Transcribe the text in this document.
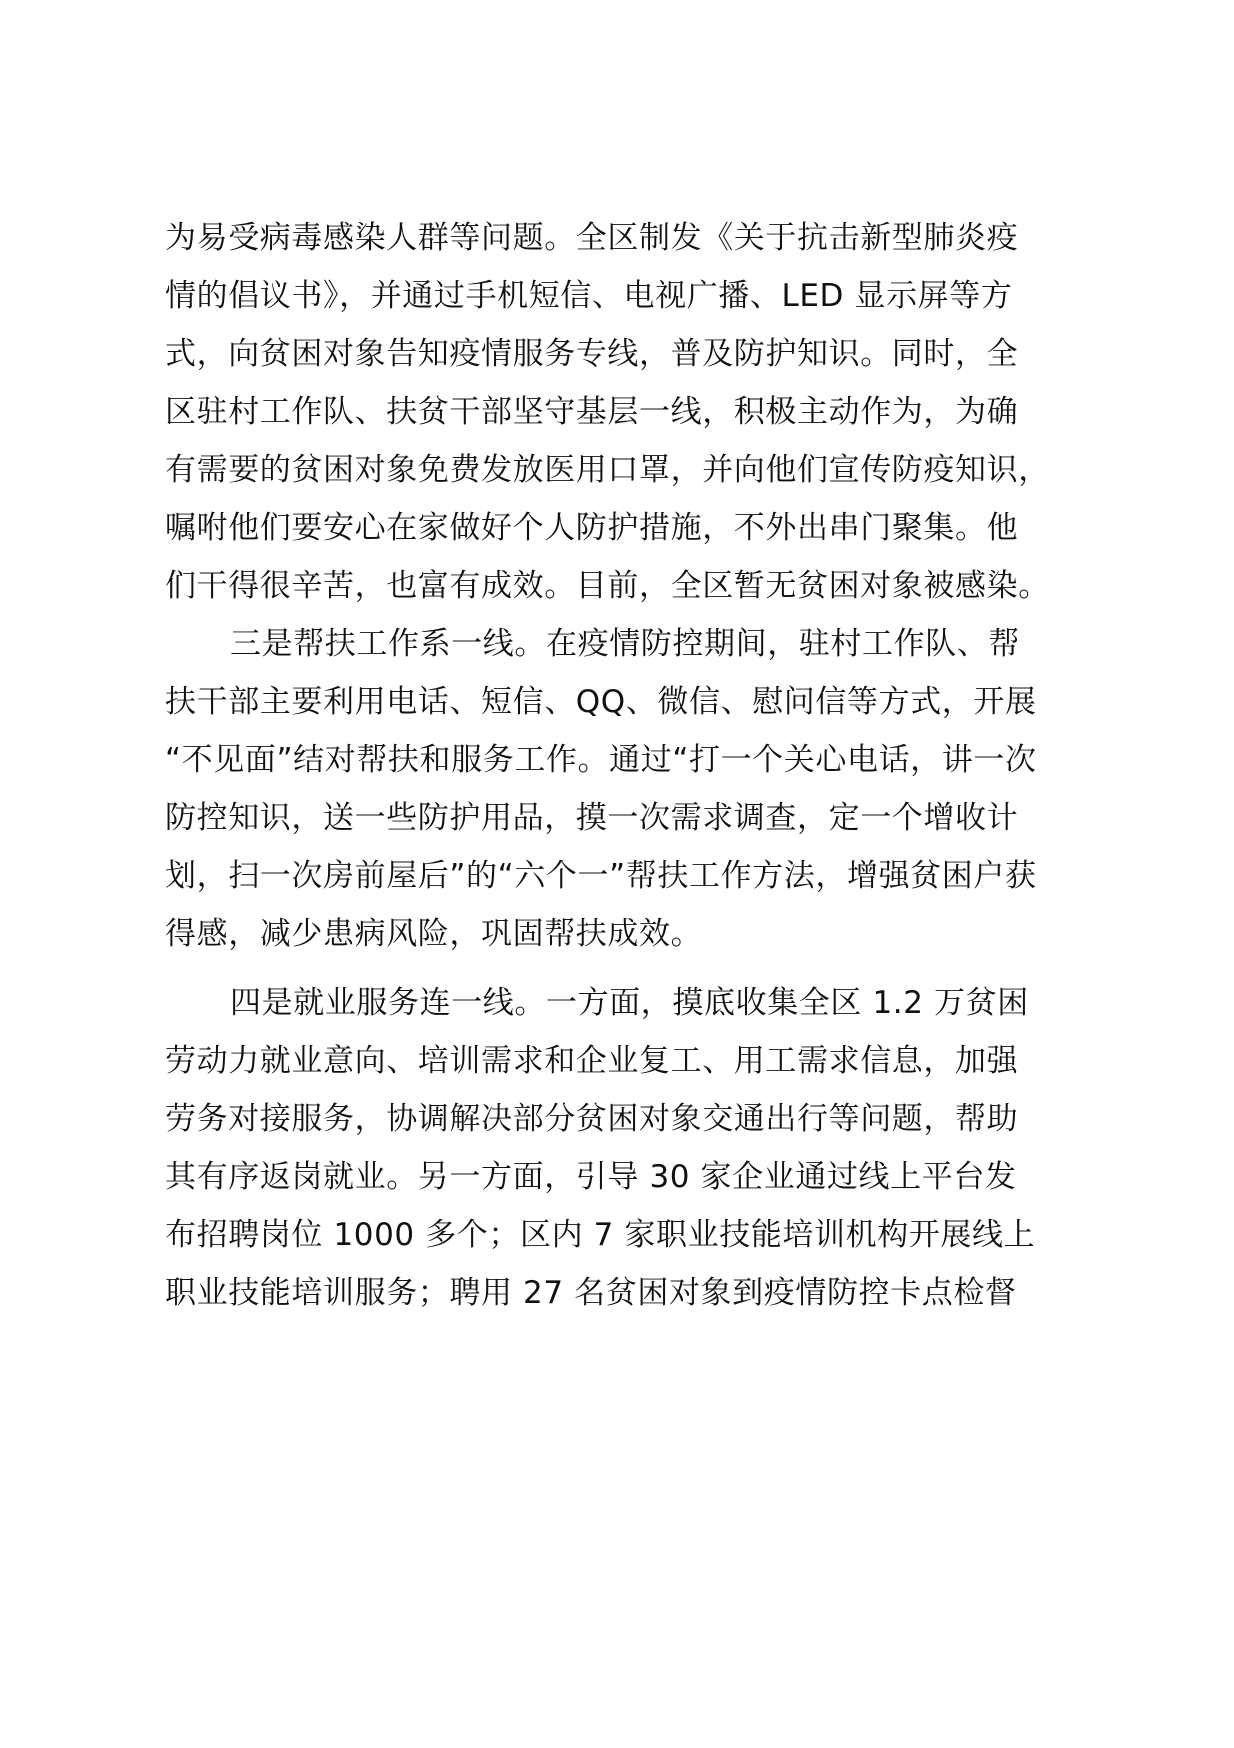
为易受病毒感染人群等问题。全区制发《关于抗击新型肺炎疫
情的倡议书》，并通过手机短信、电视广播、LED 显示屏等方
式，向贫困对象告知疫情服务专线，普及防护知识。同时，全
区驻村工作队、扶贫干部坚守基层一线，积极主动作为，为确
有需要的贫困对象免费发放医用口罩，并向他们宣传防疫知识，
嘱咐他们要安心在家做好个人防护措施，不外出串门聚集。他
们干得很辛苦，也富有成效。目前，全区暂无贫困对象被感染。
三是帮扶工作系一线。在疫情防控期间，驻村工作队、帮
扶干部主要利用电话、短信、QQ、微信、慰问信等方式，开展
“不见面”结对帮扶和服务工作。通过“打一个关心电话，讲一次
防控知识，送一些防护用品，摸一次需求调查，定一个增收计
划，扫一次房前屋后”的“六个一”帮扶工作方法，增强贫困户获
得感，减少患病风险，巩固帮扶成效。
四是就业服务连一线。一方面，摸底收集全区 1.2 万贫困
劳动力就业意向、培训需求和企业复工、用工需求信息，加强
劳务对接服务，协调解决部分贫困对象交通出行等问题，帮助
其有序返岗就业。另一方面，引导 30 家企业通过线上平台发
布招聘岗位 1000 多个；区内 7 家职业技能培训机构开展线上
职业技能培训服务；聘用 27 名贫困对象到疫情防控卡点检督
